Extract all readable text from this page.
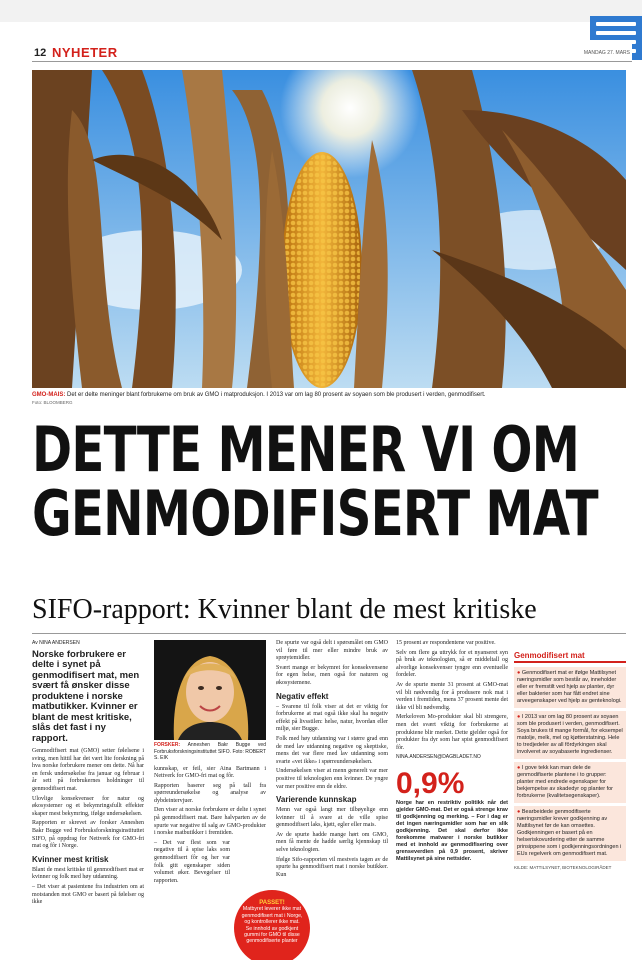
12 NYHETER	MANDAG 27. MARS
GMO-MAIS: Det er delte meninger blant forbrukerne om bruk av GMO i matproduksjon. I 2013 var om lag 80 prosent av soyaen som ble produsert i verden, genmodifisert.
Foto: BLOOMBERG
DETTE MENER VI OM
GENMODIFISERT MAT
SIFO-rapport: Kvinner blant de mest kritiske
Av NINA ANDERSEN
Norske forbrukere er delte i synet på genmodifisert mat, men svært få ønsker disse produktene i norske matbutikker. Kvinner er blant de mest kritiske, slås det fast i ny rapport.

Genmodifisert mat (GMO) setter følelsene i sving, men hittil har det vært lite forskning på hva norske forbrukere mener om dette. Nå har en fersk undersøkelse fra januar og februar i år sett på forbrukernes holdninger til genmodifisert mat.

Ulovlige konsekvenser for natur og økosystemer og et bekymringsfullt effekter skaper mest bekymring, ifølge undersøkelsen.

Rapporten er skrevet av forsker Anneshen Bakr Bugge ved Forbruksforskningsinstituttet SIFO, på oppdrag for Nettverk for GMO-fri mat og fôr i Norge.

Kvinner mest kritisk

Blant de mest kritiske til genmodifisert mat er kvinner og folk med høy utdanning.

– Det viser at pasientene fra industrien om at motstanden mot GMO er basert på følelser og ikke

FORSKER: Anneshen Bakr Bugge ved Forbruksforskningsinstituttet SIFO. Foto: ROBERT S. EIK

kunnskap, er feil, sier Aina Bartmann i Nettverk for GMO-fri mat og fôr.

Rapporten baserer seg på tall fra spørreundersøkelse og analyse av dybdeintervjuer.

Den viser at norske forbrukere er delte i synet på genmodifisert mat. Bare halvparten av de spurte var negative til salg av GMO-produkter i norske matbutikker i fremtiden.

– Det var flest som var negative til å spise laks som genmodifisert fôr og her var folk gitt egenskaper siden volumet øker. Bevegelser til rapporten.

PASSET!
Matbyret leverer ikke mat genmodifisert mat i Norge, og kontrollerer ikke mat. Se innhold av godkjent gummi for GMO til disse genmodifiserte planter

De spurte var også delt i spørsmålet om GMO vil føre til mer eller mindre bruk av sprøytemidler.

Svært mange er bekymret for konsekvensene for egen helse, men også for naturen og økosystemene.

Negativ effekt

– Svarene til folk viser at det er viktig for forbrukerne at mat også ikke skal ha negativ effekt på livsstilen: helse, natur, hvordan eller miljø, sier Bugge.

Folk med høy utdanning var i større grad enn de med lav utdanning negative og skeptiske, mens det var flere med lav utdanning som svarte «vet ikke» i spørreundersøkelsen.

Undersøkelsen viser at menn generelt var mer positive til teknologien enn kvinner. De yngre var mer positive enn de eldre.

Varierende kunnskap

Menn var også langt mer tilbøyelige enn kvinner til å svare at de ville spise genmodifisert laks, kjøtt, egler eller mais.

Av de spurte hadde mange hørt om GMO, men få mente de hadde særlig kjennskap til selve teknologien.

Ifølge Sifo-rapporten vil mestveis tagen av de spurte ha genmodifisert mat i norske butikker. Kun

15 prosent av respondentene var positive.

Selv om flere ga uttrykk for et nyanseret syn på bruk av teknologien, så er middeltall og alvorlige konsekvenser tyngre enn eventuelle fordeler.

Av de spurte mente 31 prosent at GMO-mat vil bli nødvendig for å produsere nok mat i verden i fremtiden, mens 37 prosent mente det ikke vil bli nødvendig.

Merkeloven Mo-produkter skal bli strengere, men det svært viktig for forbrukerne at produktene blir merket. Dette gjelder også for produkter fra dyr som har spist genmodifisert fôr.

NINA.ANDERSEN@DAGBLADET.NO
0,9%
Norge har en restriktiv politikk når det gjelder GMO-mat. Det er også strenge krav til godkjenning og merking. – For i dag er det ingen næringsmidler som har en slik godkjenning. Det skal derfor ikke forekomme matvarer i norske butikker med et innhold av genmodifisering over grenseverdien på 0,9 prosent, skriver Mattilsynet på sine nettsider.
Genmodifisert mat
● Genmodifisert mat er ifølge Mattilsynet næringsmidler som består av, inneholder eller er fremstilt ved hjelp av planter, dyr eller bakterier som har fått endret sine arveegenskaper ved hjelp av genteknologi.
● I 2013 var om lag 80 prosent av soyaen som ble produsert i verden, genmodifisert. Soya brukes til mange formål, for eksempel matolje, melk, mel og kjøtterstatning. Hele to tredjedeler av all fôrdyrkingen skal involveret av soyabaserte ingredienser.
● I gove tekk kan man dele de genmodifiserte plantene i to grupper: planter med endrede egenskaper for bekjempelse av skadedyr og planter for forbrukerne (kvalitetsegenskaper).
● Bearbeidede genmodifiserte næringsmidler krever godkjenning av Mattilsynet før de kan omsettes. Godkjenningen er basert på en helseriskovurdering etter de samme prinsippene som i godkjenningsordningen i EUs regelverk om genmodifisert mat.
KILDE: MATTILSYNET, BIOTEKNOLOGIRÅDET
